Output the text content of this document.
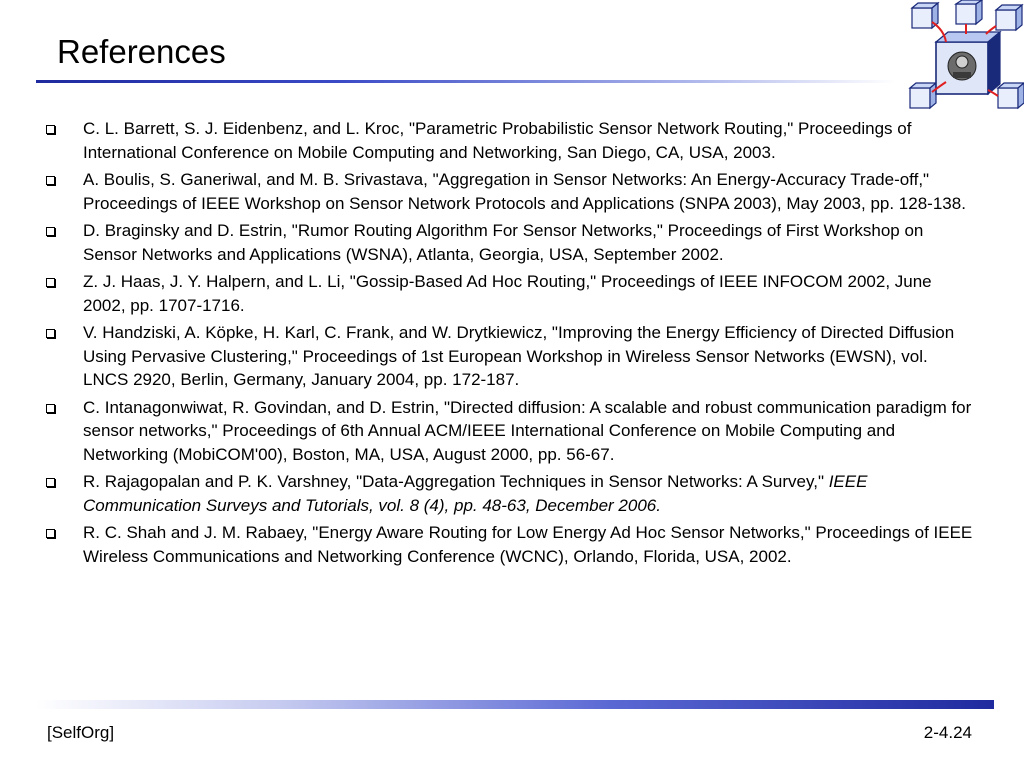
References
C. L. Barrett, S. J. Eidenbenz, and L. Kroc, "Parametric Probabilistic Sensor Network Routing," Proceedings of International Conference on Mobile Computing and Networking, San Diego, CA, USA, 2003.
A. Boulis, S. Ganeriwal, and M. B. Srivastava, "Aggregation in Sensor Networks: An Energy-Accuracy Trade-off," Proceedings of IEEE Workshop on Sensor Network Protocols and Applications (SNPA 2003), May 2003, pp. 128-138.
D. Braginsky and D. Estrin, "Rumor Routing Algorithm For Sensor Networks," Proceedings of First Workshop on Sensor Networks and Applications (WSNA), Atlanta, Georgia, USA, September 2002.
Z. J. Haas, J. Y. Halpern, and L. Li, "Gossip-Based Ad Hoc Routing," Proceedings of IEEE INFOCOM 2002, June 2002, pp. 1707-1716.
V. Handziski, A. Köpke, H. Karl, C. Frank, and W. Drytkiewicz, "Improving the Energy Efficiency of Directed Diffusion Using Pervasive Clustering," Proceedings of 1st European Workshop in Wireless Sensor Networks (EWSN), vol. LNCS 2920, Berlin, Germany, January 2004, pp. 172-187.
C. Intanagonwiwat, R. Govindan, and D. Estrin, "Directed diffusion: A scalable and robust communication paradigm for sensor networks," Proceedings of 6th Annual ACM/IEEE International Conference on Mobile Computing and Networking (MobiCOM'00), Boston, MA, USA, August 2000, pp. 56-67.
R. Rajagopalan and P. K. Varshney, "Data-Aggregation Techniques in Sensor Networks: A Survey," IEEE Communication Surveys and Tutorials, vol. 8 (4), pp. 48-63, December 2006.
R. C. Shah and J. M. Rabaey, "Energy Aware Routing for Low Energy Ad Hoc Sensor Networks," Proceedings of IEEE Wireless Communications and Networking Conference (WCNC), Orlando, Florida, USA, 2002.
[SelfOrg]	2-4.24
